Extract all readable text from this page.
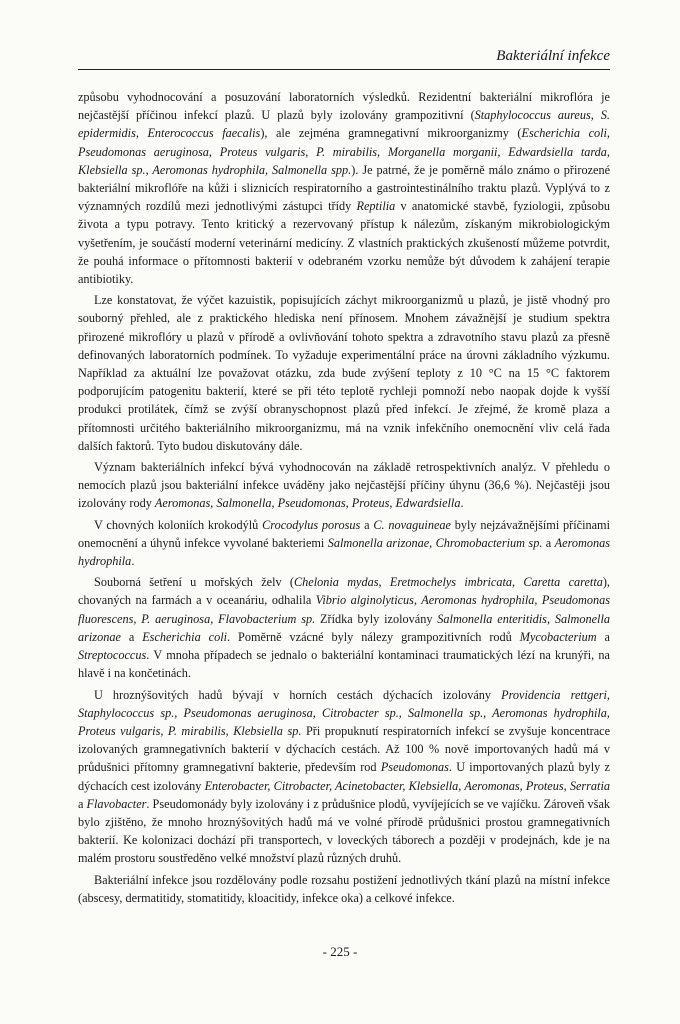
Bakteriální infekce

způsobu vyhodnocování a posuzování laboratorních výsledků. Rezidentní bakteriální mikroflóra je nejčastější příčinou infekcí plazů. U plazů byly izolovány grampozitivní (Staphylococcus aureus, S. epidermidis, Enterococcus faecalis), ale zejména gramnegativní mikroorganizmy (Escherichia coli, Pseudomonas aeruginosa, Proteus vulgaris, P. mirabilis, Morganella morganii, Edwardsiella tarda, Klebsiella sp., Aeromonas hydrophila, Salmonella spp.). Je patrné, že je poměrně málo známo o přirozené bakteriální mikroflóře na kůži i sliznicích respiratorního a gastrointestinálního traktu plazů. Vyplývá to z významných rozdílů mezi jednotlivými zástupci třídy Reptilia v anatomické stavbě, fyziologii, způsobu života a typu potravy. Tento kritický a rezervovaný přístup k nálezům, získaným mikrobiologickým vyšetřením, je součástí moderní veterinární medicíny. Z vlastních praktických zkušeností můžeme potvrdit, že pouhá informace o přítomnosti bakterií v odebraném vzorku nemůže být důvodem k zahájení terapie antibiotiky.

Lze konstatovat, že výčet kazuistik, popisujících záchyt mikroorganizmů u plazů, je jistě vhodný pro souborný přehled, ale z praktického hlediska není přínosem. Mnohem závažnější je studium spektra přirozené mikroflóry u plazů v přírodě a ovlivňování tohoto spektra a zdravotního stavu plazů za přesně definovaných laboratorních podmínek. To vyžaduje experimentální práce na úrovni základního výzkumu. Například za aktuální lze považovat otázku, zda bude zvýšení teploty z 10 °C na 15 °C faktorem podporujícím patogenitu bakterií, které se při této teplotě rychleji pomnoží nebo naopak dojde k vyšší produkci protilátek, čímž se zvýší obranyschopnost plazů před infekcí. Je zřejmé, že kromě plaza a přítomnosti určitého bakteriálního mikroorganizmu, má na vznik infekčního onemocnění vliv celá řada dalších faktorů. Tyto budou diskutovány dále.

Význam bakteriálních infekcí bývá vyhodnocován na základě retrospektivních analýz. V přehledu o nemocích plazů jsou bakteriální infekce uváděny jako nejčastější příčiny úhynu (36,6 %). Nejčastěji jsou izolovány rody Aeromonas, Salmonella, Pseudomonas, Proteus, Edwardsiella.

V chovných koloniích krokodýlů Crocodylus porosus a C. novaguineae byly nejzávažnějšími příčinami onemocnění a úhynů infekce vyvolané bakteriemi Salmonella arizonae, Chromobacterium sp. a Aeromonas hydrophila.

Souborná šetření u mořských želv (Chelonia mydas, Eretmochelys imbricata, Caretta caretta), chovaných na farmách a v oceanáriu, odhalila Vibrio alginolyticus, Aeromonas hydrophila, Pseudomonas fluorescens, P. aeruginosa, Flavobacterium sp. Zřídka byly izolovány Salmonella enteritidis, Salmonella arizonae a Escherichia coli. Poměrně vzácné byly nálezy grampozitivních rodů Mycobacterium a Streptococcus. V mnoha případech se jednalo o bakteriální kontaminaci traumatických lézí na krunýři, na hlavě i na končetinách.

U hroznýšovitých hadů bývají v horních cestách dýchacích izolovány Providencia rettgeri, Staphylococcus sp., Pseudomonas aeruginosa, Citrobacter sp., Salmonella sp., Aeromonas hydrophila, Proteus vulgaris, P. mirabilis, Klebsiella sp. Při propuknutí respiratorních infekcí se zvyšuje koncentrace izolovaných gramnegativních bakterií v dýchacích cestách. Až 100 % nově importovaných hadů má v průdušnici přítomny gramnegativní bakterie, především rod Pseudomonas. U importovaných plazů byly z dýchacích cest izolovány Enterobacter, Citrobacter, Acinetobacter, Klebsiella, Aeromonas, Proteus, Serratia a Flavobacter. Pseudomonády byly izolovány i z průdušnice plodů, vyvíjejících se ve vajíčku. Zároveň však bylo zjištěno, že mnoho hroznýšovitých hadů má ve volné přírodě průdušnici prostou gramnegativních bakterií. Ke kolonizaci dochází při transportech, v loveckých táborech a později v prodejnách, kde je na malém prostoru soustředěno velké množství plazů různých druhů.

Bakteriální infekce jsou rozdělovány podle rozsahu postižení jednotlivých tkání plazů na místní infekce (abscesy, dermatitidy, stomatitidy, kloacitidy, infekce oka) a celkové infekce.

- 225 -
